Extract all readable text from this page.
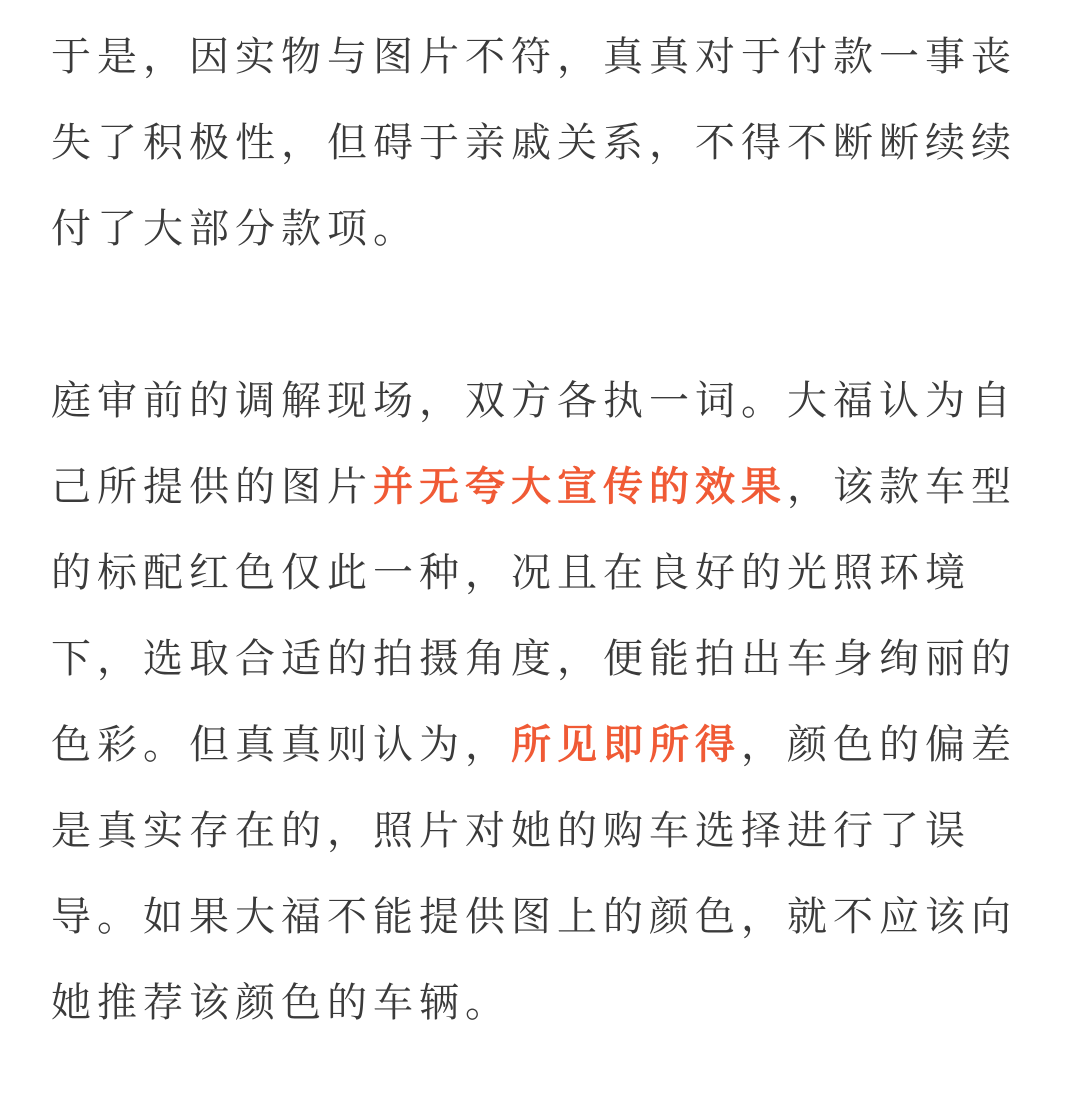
于是，因实物与图片不符，真真对于付款一事丧
失了积极性，但碍于亲戚关系，不得不断断续续
付了大部分款项。
庭审前的调解现场，双方各执一词。大福认为自
己所提供的图片并无夸大宣传的效果，该款车型
的标配红色仅此一种，况且在良好的光照环境
下，选取合适的拍摄角度，便能拍出车身绚丽的
色彩。但真真则认为，所见即所得，颜色的偏差
是真实存在的，照片对她的购车选择进行了误
导。如果大福不能提供图上的颜色，就不应该向
她推荐该颜色的车辆。
